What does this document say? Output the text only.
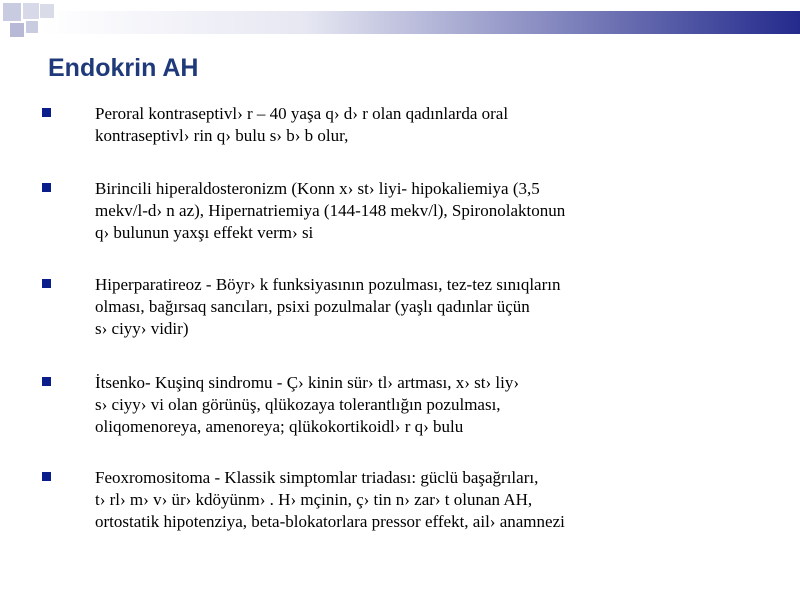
Endokrin AH
Peroral kontraseptivl› r – 40 yaşa q› d› r olan qadınlarda oral
kontraseptivl› rin q› bulu s› b› b olur,
Birincili hiperaldosteronizm (Konn x› st› liyi- hipokaliemiya (3,5
mekv/l-d› n az), Hipernatriemiya (144-148 mekv/l), Spironolaktonun
q› bulunun yaxşı effekt verm› si
Hiperparatireoz - Böyr› k funksiyasının pozulması, tez-tez sınıqların
olması, bağırsaq sancıları, psixi pozulmalar (yaşlı qadınlar üçün
s› ciyy› vidir)
İtsenko- Kuşinq sindromu - Ç› kinin sür› tl› artması, x› st› liy›
s› ciyy› vi olan görünüş, qlükozaya tolerantlığın pozulması,
oliqomenoreya, amenoreya; qlükokortikoidl› r q› bulu
Feoxromositoma - Klassik simptomlar triadası: güclü başağrıları,
t› rl› m› v› ür› kdöyünm› . H› mçinin, ç› tin n› zar› t olunan AH,
ortostatik hipotenziya, beta-blokatorlara pressor effekt, ail› anamnezi
